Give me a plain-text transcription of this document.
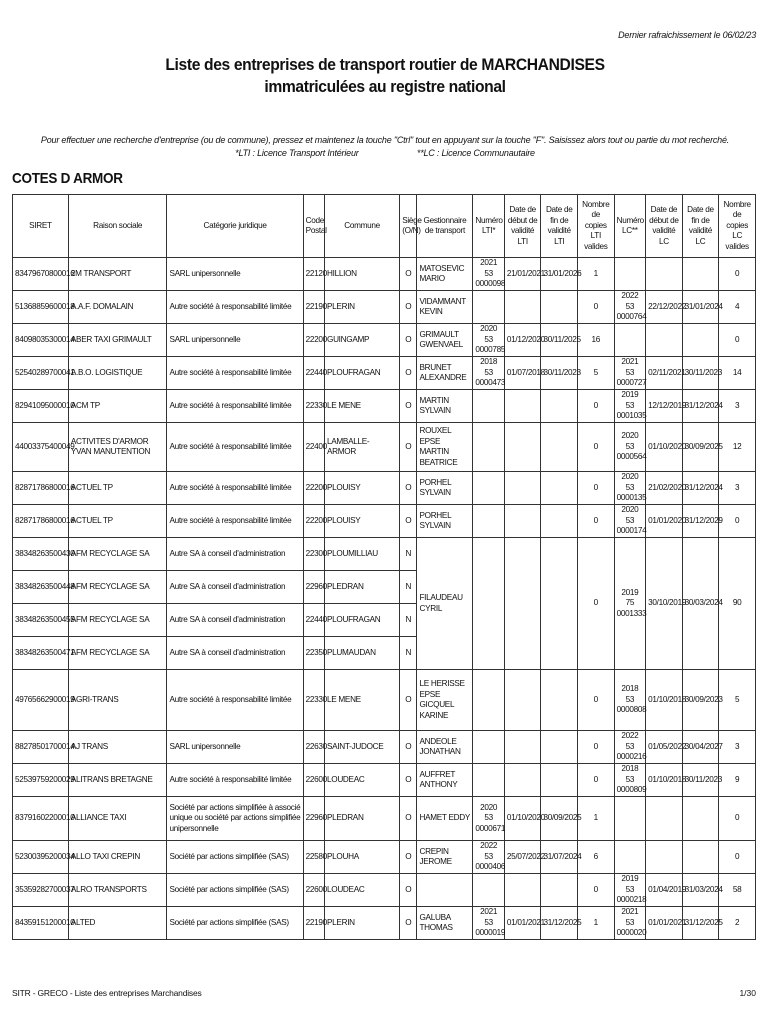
Dernier rafraichissement le 06/02/23
Liste des entreprises de transport routier de MARCHANDISES
immatriculées au registre national
Pour effectuer une recherche d'entreprise (ou de commune), pressez et maintenez la touche "Ctrl" tout en appuyant sur la touche "F". Saisissez alors tout ou partie du mot recherché.
*LTI : Licence Transport Intérieur	**LC : Licence Communautaire
COTES D ARMOR
SIRET	Raison sociale	Catégorie juridique	Code Postal	Commune	Siège (O/N)	Gestionnaire de transport	Numéro LTI*	Date de début de validité LTI	Date de fin de validité LTI	Nombre de copies LTI valides	Numéro LC**	Date de début de validité LC	Date de fin de validité LC	Nombre de copies LC valides
83479670800016	2M TRANSPORT	SARL unipersonnelle	22120	HILLION	O	MATOSEVIC MARIO	2021 53 0000098	21/01/2021	31/01/2026	1				0
51368859600018	A.A.F. DOMALAIN	Autre société à responsabilité limitée	22190	PLERIN	O	VIDAMMANT KEVIN				0	2022 53 0000764	22/12/2022	31/01/2024	4
84098035300014	ABER TAXI GRIMAULT	SARL unipersonnelle	22200	GUINGAMP	O	GRIMAULT GWENVAEL	2020 53 0000785	01/12/2020	30/11/2025	16				0
52540289700041	A.B.O. LOGISTIQUE	Autre société à responsabilité limitée	22440	PLOUFRAGAN	O	BRUNET ALEXANDRE	2018 53 0000473	01/07/2018	30/11/2023	5	2021 53 0000727	02/11/2021	30/11/2023	14
82941095000010	ACM TP	Autre société à responsabilité limitée	22330	LE MENE	O	MARTIN SYLVAIN				0	2019 53 0001035	12/12/2019	31/12/2024	3
44003375400049	ACTIVITES D'ARMOR YVAN MANUTENTION	Autre société à responsabilité limitée	22400	LAMBALLE-ARMOR	O	ROUXEL EPSE MARTIN BEATRICE				0	2020 53 0000564	01/10/2020	30/09/2025	12
82871786800016	ACTUEL TP	Autre société à responsabilité limitée	22200	PLOUISY	O	PORHEL SYLVAIN				0	2020 53 0000135	21/02/2020	31/12/2024	3
82871786800016	ACTUEL TP	Autre société à responsabilité limitée	22200	PLOUISY	O	PORHEL SYLVAIN				0	2020 53 0000174	01/01/2020	31/12/2029	0
38348263500430	AFM RECYCLAGE SA	Autre SA à conseil d'administration	22300	PLOUMILLIAU	N	FILAUDEAU CYRIL				0	2019 75 0001333	30/10/2019	30/03/2024	90
38348263500448	AFM RECYCLAGE SA	Autre SA à conseil d'administration	22960	PLEDRAN	N									
38348263500455	AFM RECYCLAGE SA	Autre SA à conseil d'administration	22440	PLOUFRAGAN	N									
38348263500471	AFM RECYCLAGE SA	Autre SA à conseil d'administration	22350	PLUMAUDAN	N									
49765662900019	AGRI-TRANS	Autre société à responsabilité limitée	22330	LE MENE	O	LE HERISSE EPSE GICQUEL KARINE				0	2018 53 0000808	01/10/2018	30/09/2023	5
88278501700014	AJ TRANS	SARL unipersonnelle	22630	SAINT-JUDOCE	O	ANDEOLE JONATHAN				0	2022 53 0000216	01/05/2022	30/04/2027	3
52539759200029	ALITRANS BRETAGNE	Autre société à responsabilité limitée	22600	LOUDEAC	O	AUFFRET ANTHONY				0	2018 53 0000809	01/10/2018	30/11/2023	9
83791602200010	ALLIANCE TAXI	Société par actions simplifiée à associé unique ou société par actions simplifiée unipersonnelle	22960	PLEDRAN	O	HAMET EDDY	2020 53 0000671	01/10/2020	30/09/2025	1				0
52300395200034	ALLO TAXI CREPIN	Société par actions simplifiée (SAS)	22580	PLOUHA	O	CREPIN JEROME	2022 53 0000406	25/07/2022	31/07/2024	6				0
35359282700037	ALRO TRANSPORTS	Société par actions simplifiée (SAS)	22600	LOUDEAC	O					0	2019 53 0000218	01/04/2019	31/03/2024	58
84359151200010	ALTED	Société par actions simplifiée (SAS)	22190	PLERIN	O	GALUBA THOMAS	2021 53 0000019	01/01/2021	31/12/2025	1	2021 53 0000020	01/01/2021	31/12/2025	2
SITR - GRECO - Liste des entreprises Marchandises	1/30
